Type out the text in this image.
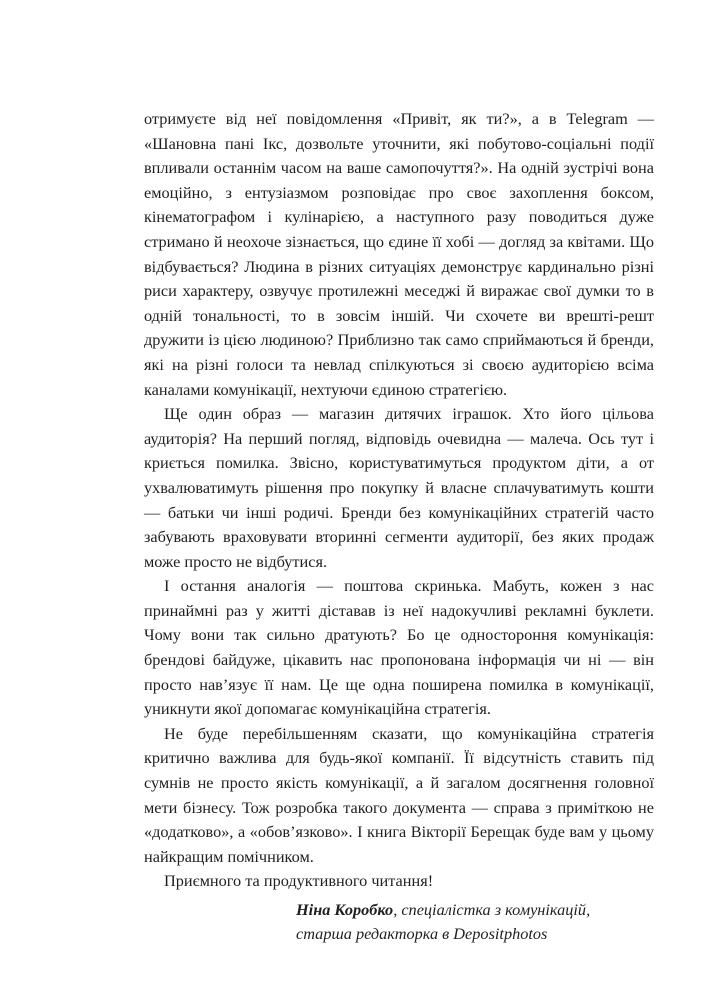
отримуєте від неї повідомлення «Привіт, як ти?», а в Telegram — «Шановна пані Ікс, дозвольте уточнити, які побутово-соціальні події впливали останнім часом на ваше самопочуття?». На одній зустрічі вона емоційно, з ентузіазмом розповідає про своє захоплення боксом, кінематографом і кулінарією, а наступного разу поводиться дуже стримано й неохоче зізнається, що єдине її хобі — догляд за квітами. Що відбувається? Людина в різних ситуаціях демонструє кардинально різні риси характеру, озвучує протилежні меседжі й виражає свої думки то в одній тональності, то в зовсім іншій. Чи схочете ви врешті-решт дружити із цією людиною? Приблизно так само сприймаються й бренди, які на різні голоси та невлад спілкуються зі своєю аудиторією всіма каналами комунікації, нехтуючи єдиною стратегією.

Ще один образ — магазин дитячих іграшок. Хто його цільова аудиторія? На перший погляд, відповідь очевидна — малеча. Ось тут і криється помилка. Звісно, користуватимуться продуктом діти, а от ухвалюватимуть рішення про покупку й власне сплачуватимуть кошти — батьки чи інші родичі. Бренди без комунікаційних стратегій часто забувають враховувати вторинні сегменти аудиторії, без яких продаж може просто не відбутися.

І остання аналогія — поштова скринька. Мабуть, кожен з нас принаймні раз у житті діставав із неї надокучливі рекламні буклети. Чому вони так сильно дратують? Бо це одностороння комунікація: брендові байдуже, цікавить нас пропонована інформація чи ні — він просто нав’язує її нам. Це ще одна поширена помилка в комунікації, уникнути якої допомагає комунікаційна стратегія.

Не буде перебільшенням сказати, що комунікаційна стратегія критично важлива для будь-якої компанії. Її відсутність ставить під сумнів не просто якість комунікації, а й загалом досягнення головної мети бізнесу. Тож розробка такого документа — справа з приміткою не «додатково», а «обов’язково». І книга Вікторії Берещак буде вам у цьому найкращим помічником.

Приємного та продуктивного читання!

Ніна Коробко, спеціалістка з комунікацій,
старша редакторка в Depositphotos
